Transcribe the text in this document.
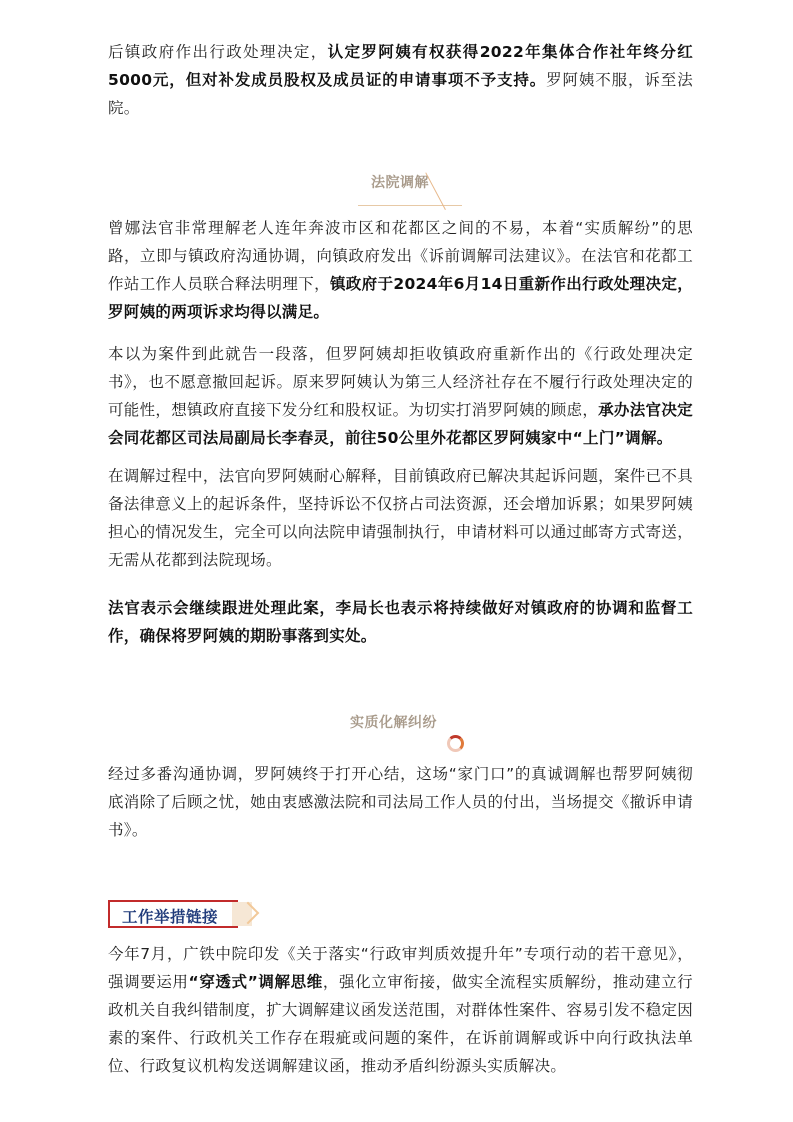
后镇政府作出行政处理决定，认定罗阿姨有权获得2022年集体合作社年终分红5000元，但对补发成员股权及成员证的申请事项不予支持。罗阿姨不服，诉至法院。

法院调解

曾娜法官非常理解老人连年奔波市区和花都区之间的不易，本着“实质解纷”的思路，立即与镇政府沟通协调，向镇政府发出《诉前调解司法建议》。在法官和花都工作站工作人员联合释法明理下，镇政府于2024年6月14日重新作出行政处理决定，罗阿姨的两项诉求均得以满足。

本以为案件到此就告一段落，但罗阿姨却拒收镇政府重新作出的《行政处理决定书》，也不愿意撤回起诉。原来罗阿姨认为第三人经济社存在不履行行政处理决定的可能性，想镇政府直接下发分红和股权证。为切实打消罗阿姨的顾虑，承办法官决定会同花都区司法局副局长李春灵，前往50公里外花都区罗阿姨家中“上门”调解。

在调解过程中，法官向罗阿姨耐心解释，目前镇政府已解决其起诉问题，案件已不具备法律意义上的起诉条件，坚持诉讼不仅挤占司法资源，还会增加诉累；如果罗阿姨担心的情况发生，完全可以向法院申请强制执行，申请材料可以通过邮寄方式寄送，无需从花都到法院现场。

法官表示会继续跟进处理此案，李局长也表示将持续做好对镇政府的协调和监督工作，确保将罗阿姨的期盼事落到实处。

实质化解纠纷

经过多番沟通协调，罗阿姨终于打开心结，这场“家门口”的真诚调解也帮罗阿姨彻底消除了后顾之忧，她由衷感激法院和司法局工作人员的付出，当场提交《撤诉申请书》。

工作举措链接

今年7月，广铁中院印发《关于落实“行政审判质效提升年”专项行动的若干意见》，强调要运用“穿透式”调解思维，强化立审衔接，做实全流程实质解纷，推动建立行政机关自我纠错制度，扩大调解建议函发送范围，对群体性案件、容易引发不稳定因素的案件、行政机关工作存在瑕疵或问题的案件，在诉前调解或诉中向行政执法单位、行政复议机构发送调解建议函，推动矛盾纠纷源头实质解决。
